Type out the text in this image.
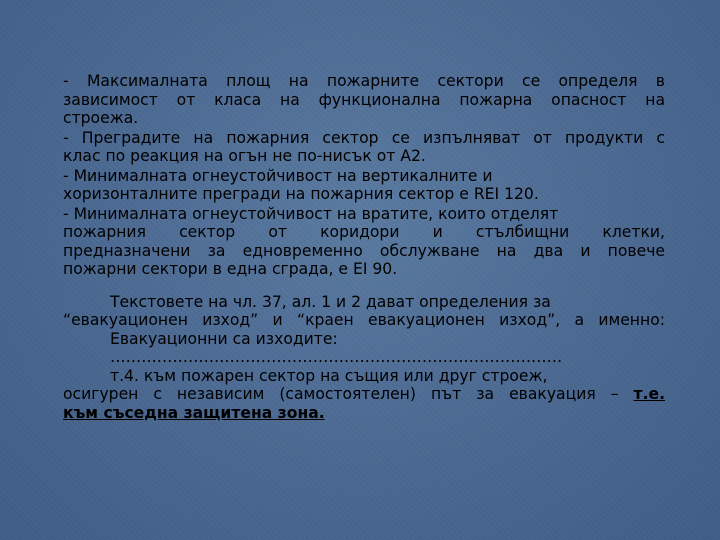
- Максималната площ на пожарните сектори се определя в
зависимост от класа на функционална пожарна опасност на
строежа.
- Преградите на пожарния сектор се изпълняват от продукти с
клас по реакция на огън не по-нисък от А2.
- Минималната огнеустойчивост на вертикалните и
хоризонталните прегради на пожарния сектор е REI 120.
- Минималната огнеустойчивост на вратите, които отделят
пожарния сектор от коридори и стълбищни клетки,
предназначени за едновременно обслужване на два и повече
пожарни сектори в една сграда, е ЕІ 90.
Текстовете на чл. 37, ал. 1 и 2 дават определения за
“евакуационен изход” и “краен евакуационен изход”, а именно:
Евакуационни са изходите:
……………………………………………………………………………
т.4. към пожарен сектор на същия или друг строеж,
осигурен с независим (самостоятелен) път за евакуация – т.е.
към съседна защитена зона.
